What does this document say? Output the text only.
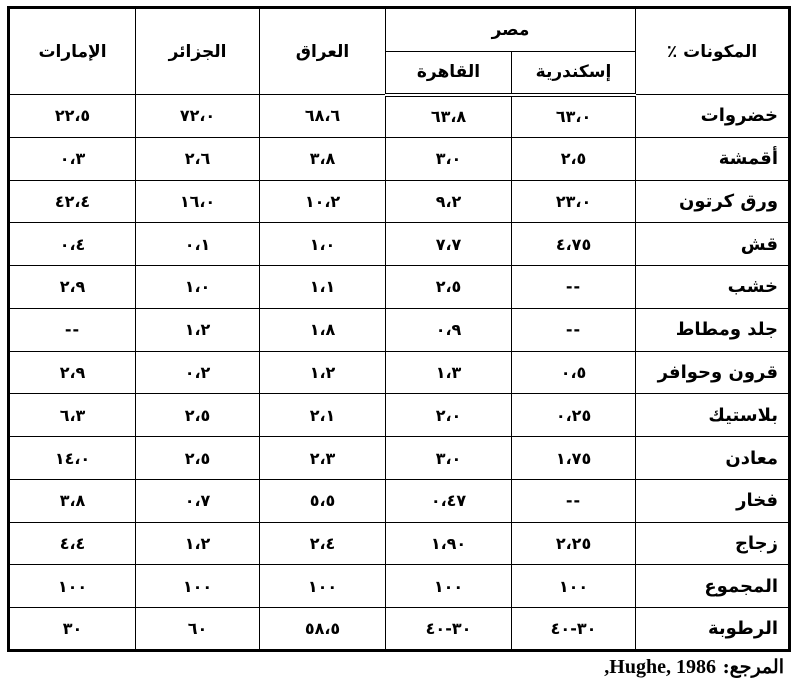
المكونات ٪	مصر		العراق	الجزائر	الإمارات
	إسكندرية	القاهرة			
خضروات	٦٣،٠	٦٣،٨	٦٨،٦	٧٢،٠	٢٢،٥
أقمشة	٢،٥	٣،٠	٣،٨	٢،٦	٠،٣
ورق كرتون	٢٣،٠	٩،٢	١٠،٢	١٦،٠	٤٢،٤
قش	٤،٧٥	٧،٧	١،٠	٠،١	٠،٤
خشب	--	٢،٥	١،١	١،٠	٢،٩
جلد ومطاط	--	٠،٩	١،٨	١،٢	--
قرون وحوافر	٠،٥	١،٣	١،٢	٠،٢	٢،٩
بلاستيك	٠،٢٥	٢،٠	٢،١	٢،٥	٦،٣
معادن	١،٧٥	٣،٠	٢،٣	٢،٥	١٤،٠
فخار	--	٠،٤٧	٥،٥	٠،٧	٣،٨
زجاج	٢،٢٥	١،٩٠	٢،٤	١،٢	٤،٤
المجموع	١٠٠	١٠٠	١٠٠	١٠٠	١٠٠
الرطوبة	٣٠-٤٠	٣٠-٤٠	٥٨،٥	٦٠	٣٠
المرجع: Hughe, 1986,
